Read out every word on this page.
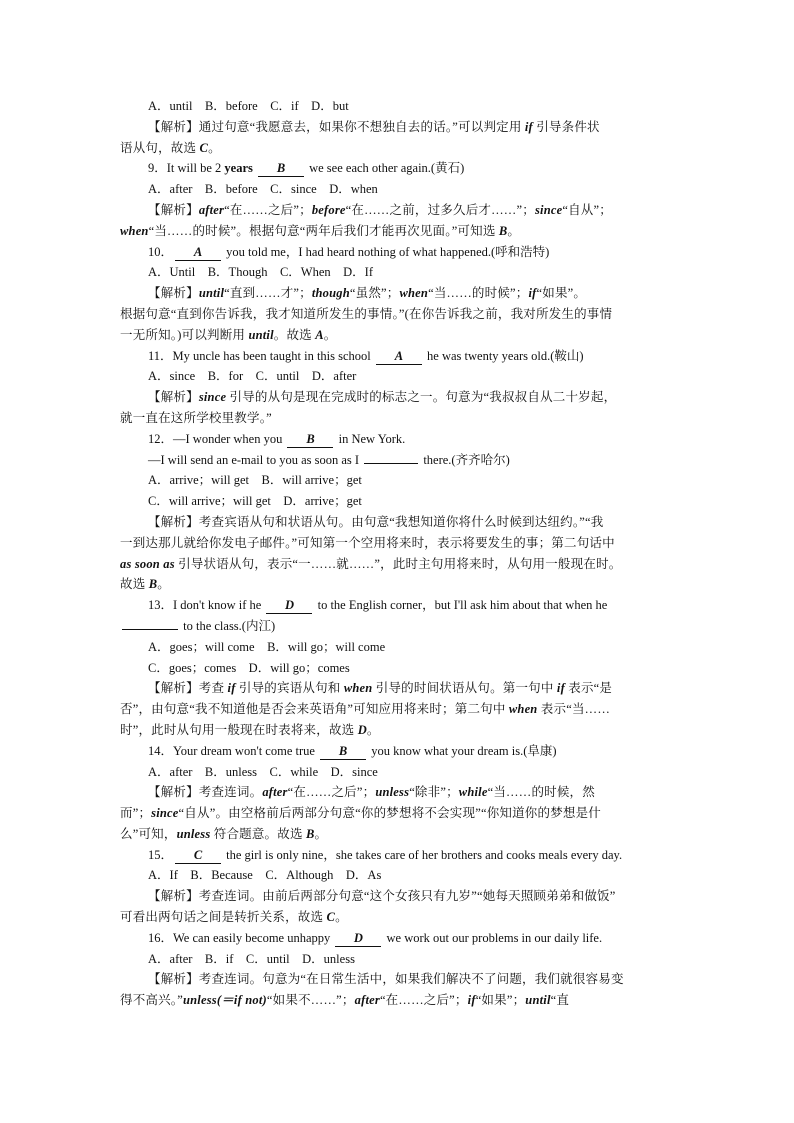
A．until　B．before　C．if　D．but
【解析】通过句意“我愿意去，如果你不想独自去的话。”可以判定用 if 引导条件状
语从句，故选 C。
9．It will be 2 years B we see each other again.(黄石)
A．after　B．before　C．since　D．when
【解析】after“在……之后”；before“在……之前，过多久后才……”；since“自从”；
when“当……的时候”。根据句意“两年后我们才能再次见面。”可知选 B。
10． A you told me，I had heard nothing of what happened.(呼和浩特)
A．Until　B．Though　C．When　D．If
【解析】until“直到……才”；though“虽然”；when“当……的时候”；if“如果”。
根据句意“直到你告诉我，我才知道所发生的事情。”(在你告诉我之前，我对所发生的事情
一无所知。)可以判断用 until。故选 A。
11．My uncle has been taught in this school A he was twenty years old.(鞍山)
A．since　B．for　C．until　D．after
【解析】since 引导的从句是现在完成时的标志之一。句意为“我叔叔自从二十岁起，
就一直在这所学校里教学。”
12．—I wonder when you B in New York.
—I will send an e-mail to you as soon as I	there.(齐齐哈尔)
A．arrive；will get　B．will arrive；get
C．will arrive；will get　D．arrive；get
【解析】考查宾语从句和状语从句。由句意“我想知道你将什么时候到达纽约。”“我
一到达那儿就给你发电子邮件。”可知第一个空用将来时，表示将要发生的事；第二句话中
as soon as 引导状语从句，表示“一……就……”，此时主句用将来时，从句用一般现在时。
故选 B。
13．I don't know if he D to the English corner，but I'll ask him about that when he
to the class.(内江)
A．goes；will come　B．will go；will come
C．goes；comes　D．will go；comes
【解析】考查 if 引导的宾语从句和 when 引导的时间状语从句。第一句中 if 表示“是
否”，由句意“我不知道他是否会来英语角”可知应用将来时；第二句中 when 表示“当……
时”，此时从句用一般现在时表将来，故选 D。
14．Your dream won't come true B you know what your dream is.(阜康)
A．after　B．unless　C．while　D．since
【解析】考查连词。after“在……之后”；unless“除非”；while“当……的时候，然
而”；since“自从”。由空格前后两部分句意“你的梦想将不会实现”“你知道你的梦想是什
么”可知，unless 符合题意。故选 B。
15． C the girl is only nine，she takes care of her brothers and cooks meals every day.
A．If　B．Because　C．Although　D．As
【解析】考查连词。由前后两部分句意“这个女孩只有九岁”“她每天照顾弟弟和做饭”
可看出两句话之间是转折关系，故选 C。
16．We can easily become unhappy D we work out our problems in our daily life.
A．after　B．if　C．until　D．unless
【解析】考查连词。句意为“在日常生活中，如果我们解决不了问题，我们就很容易变
得不高兴。”unless(＝if not)“如果不……”；after“在……之后”；if“如果”；until“直
